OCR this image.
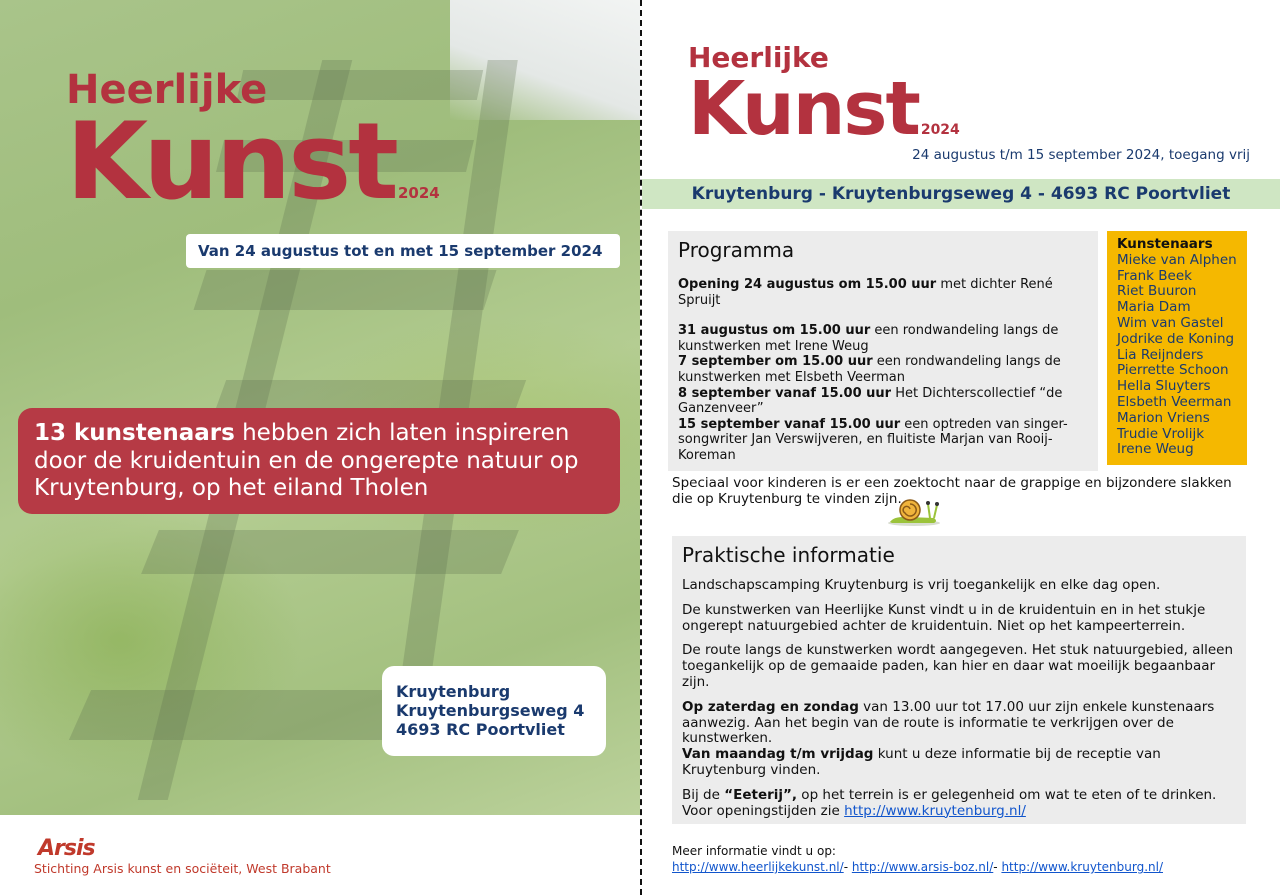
Heerlijke
Kunst 2024
Van 24 augustus tot en met 15 september 2024
13 kunstenaars hebben zich laten inspireren door de kruidentuin en de ongerepte natuur op Kruytenburg, op het eiland Tholen
Kruytenburg
Kruytenburgseweg 4
4693 RC Poortvliet
Arsis
Stichting Arsis kunst en sociëteit, West Brabant
Heerlijke
Kunst 2024
24 augustus t/m 15 september 2024, toegang vrij
Kruytenburg - Kruytenburgseweg 4 - 4693 RC Poortvliet
Programma

Opening 24 augustus om 15.00 uur met dichter René Spruijt

31 augustus om 15.00 uur een rondwandeling langs de kunstwerken met Irene Weug

7 september om 15.00 uur een rondwandeling langs de kunstwerken met Elsbeth Veerman

8 september vanaf 15.00 uur Het Dichterscollectief “de Ganzenveer”

15 september vanaf 15.00 uur een optreden van singer-songwriter Jan Verswijveren, en fluitiste Marjan van Rooij-Koreman

Kunstenaars
Mieke van Alphen
Frank Beek
Riet Buuron
Maria Dam
Wim van Gastel
Jodrike de Koning
Lia Reijnders
Pierrette Schoon
Hella Sluyters
Elsbeth Veerman
Marion Vriens
Trudie Vrolijk
Irene Weug
Speciaal voor kinderen is er een zoektocht naar de grappige en bijzondere slakken die op Kruytenburg te vinden zijn.
Praktische informatie

Landschapscamping Kruytenburg is vrij toegankelijk en elke dag open.

De kunstwerken van Heerlijke Kunst vindt u in de kruidentuin en in het stukje ongerept natuurgebied achter de kruidentuin. Niet op het kampeerterrein.

De route langs de kunstwerken wordt aangegeven. Het stuk natuurgebied, alleen toegankelijk op de gemaaide paden, kan hier en daar wat moeilijk begaanbaar zijn.

Op zaterdag en zondag van 13.00 uur tot 17.00 uur zijn enkele kunstenaars aanwezig. Aan het begin van de route is informatie te verkrijgen over de kunstwerken.

Van maandag t/m vrijdag kunt u deze informatie bij de receptie van Kruytenburg vinden.

Bij de “Eeterij”, op het terrein is er gelegenheid om wat te eten of te drinken.

Voor openingstijden zie http://www.kruytenburg.nl/

Meer informatie vindt u op:
http://www.heerlijkekunst.nl/- http://www.arsis-boz.nl/- http://www.kruytenburg.nl/
